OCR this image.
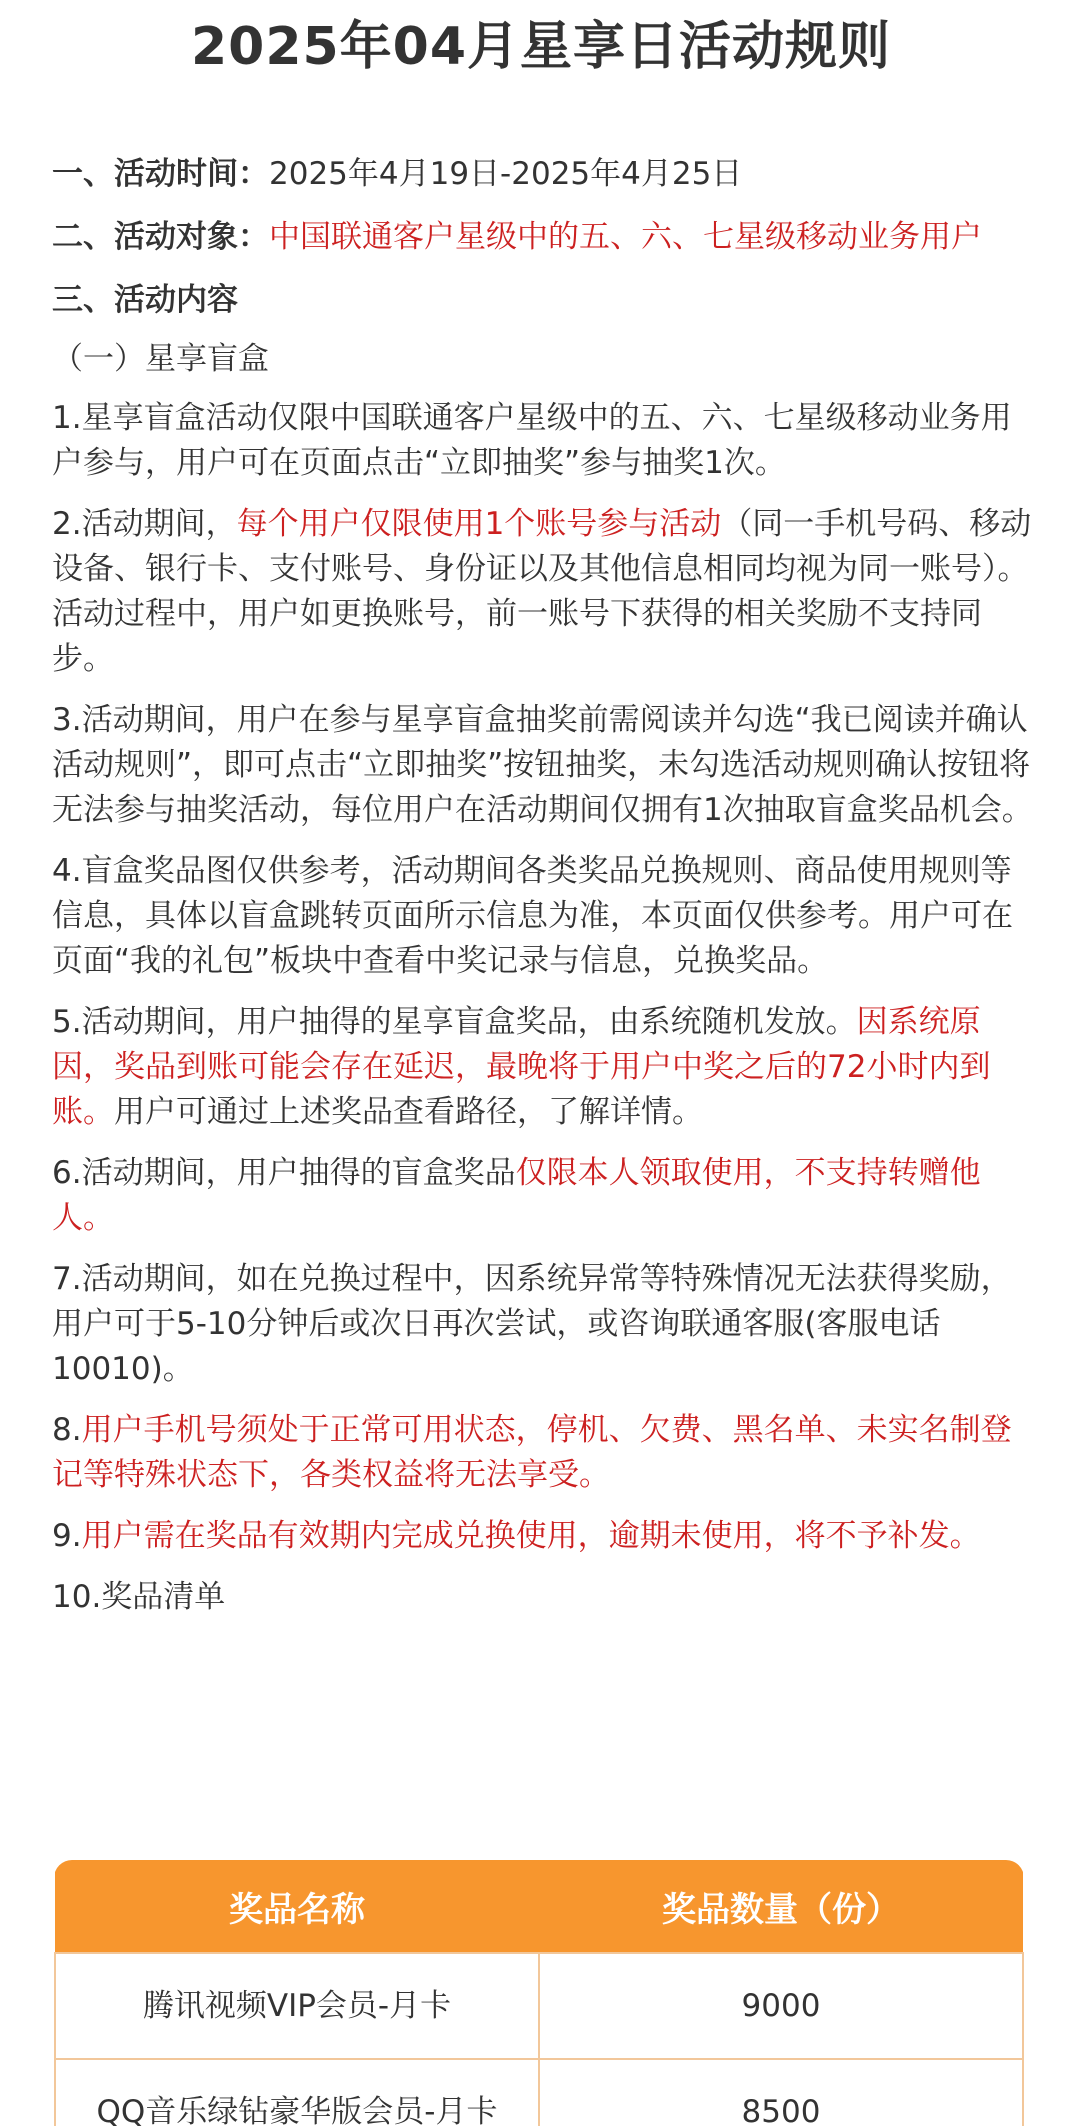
2025年04月星享日活动规则

一、活动时间：2025年4月19日-2025年4月25日

二、活动对象：中国联通客户星级中的五、六、七星级移动业务用户

三、活动内容

（一）星享盲盒

1.星享盲盒活动仅限中国联通客户星级中的五、六、七星级移动业务用户参与，用户可在页面点击“立即抽奖”参与抽奖1次。

2.活动期间，每个用户仅限使用1个账号参与活动（同一手机号码、移动设备、银行卡、支付账号、身份证以及其他信息相同均视为同一账号）。活动过程中，用户如更换账号，前一账号下获得的相关奖励不支持同步。

3.活动期间，用户在参与星享盲盒抽奖前需阅读并勾选“我已阅读并确认活动规则”，即可点击“立即抽奖”按钮抽奖，未勾选活动规则确认按钮将无法参与抽奖活动，每位用户在活动期间仅拥有1次抽取盲盒奖品机会。

4.盲盒奖品图仅供参考，活动期间各类奖品兑换规则、商品使用规则等信息，具体以盲盒跳转页面所示信息为准，本页面仅供参考。用户可在页面“我的礼包”板块中查看中奖记录与信息，兑换奖品。

5.活动期间，用户抽得的星享盲盒奖品，由系统随机发放。因系统原因，奖品到账可能会存在延迟，最晚将于用户中奖之后的72小时内到账。用户可通过上述奖品查看路径，了解详情。

6.活动期间，用户抽得的盲盒奖品仅限本人领取使用，不支持转赠他人。

7.活动期间，如在兑换过程中，因系统异常等特殊情况无法获得奖励，用户可于5-10分钟后或次日再次尝试，或咨询联通客服(客服电话10010)。

8.用户手机号须处于正常可用状态，停机、欠费、黑名单、未实名制登记等特殊状态下，各类权益将无法享受。

9.用户需在奖品有效期内完成兑换使用，逾期未使用，将不予补发。

10.奖品清单

奖品名称	奖品数量（份）
腾讯视频VIP会员-月卡	9000
QQ音乐绿钻豪华版会员-月卡	8500
